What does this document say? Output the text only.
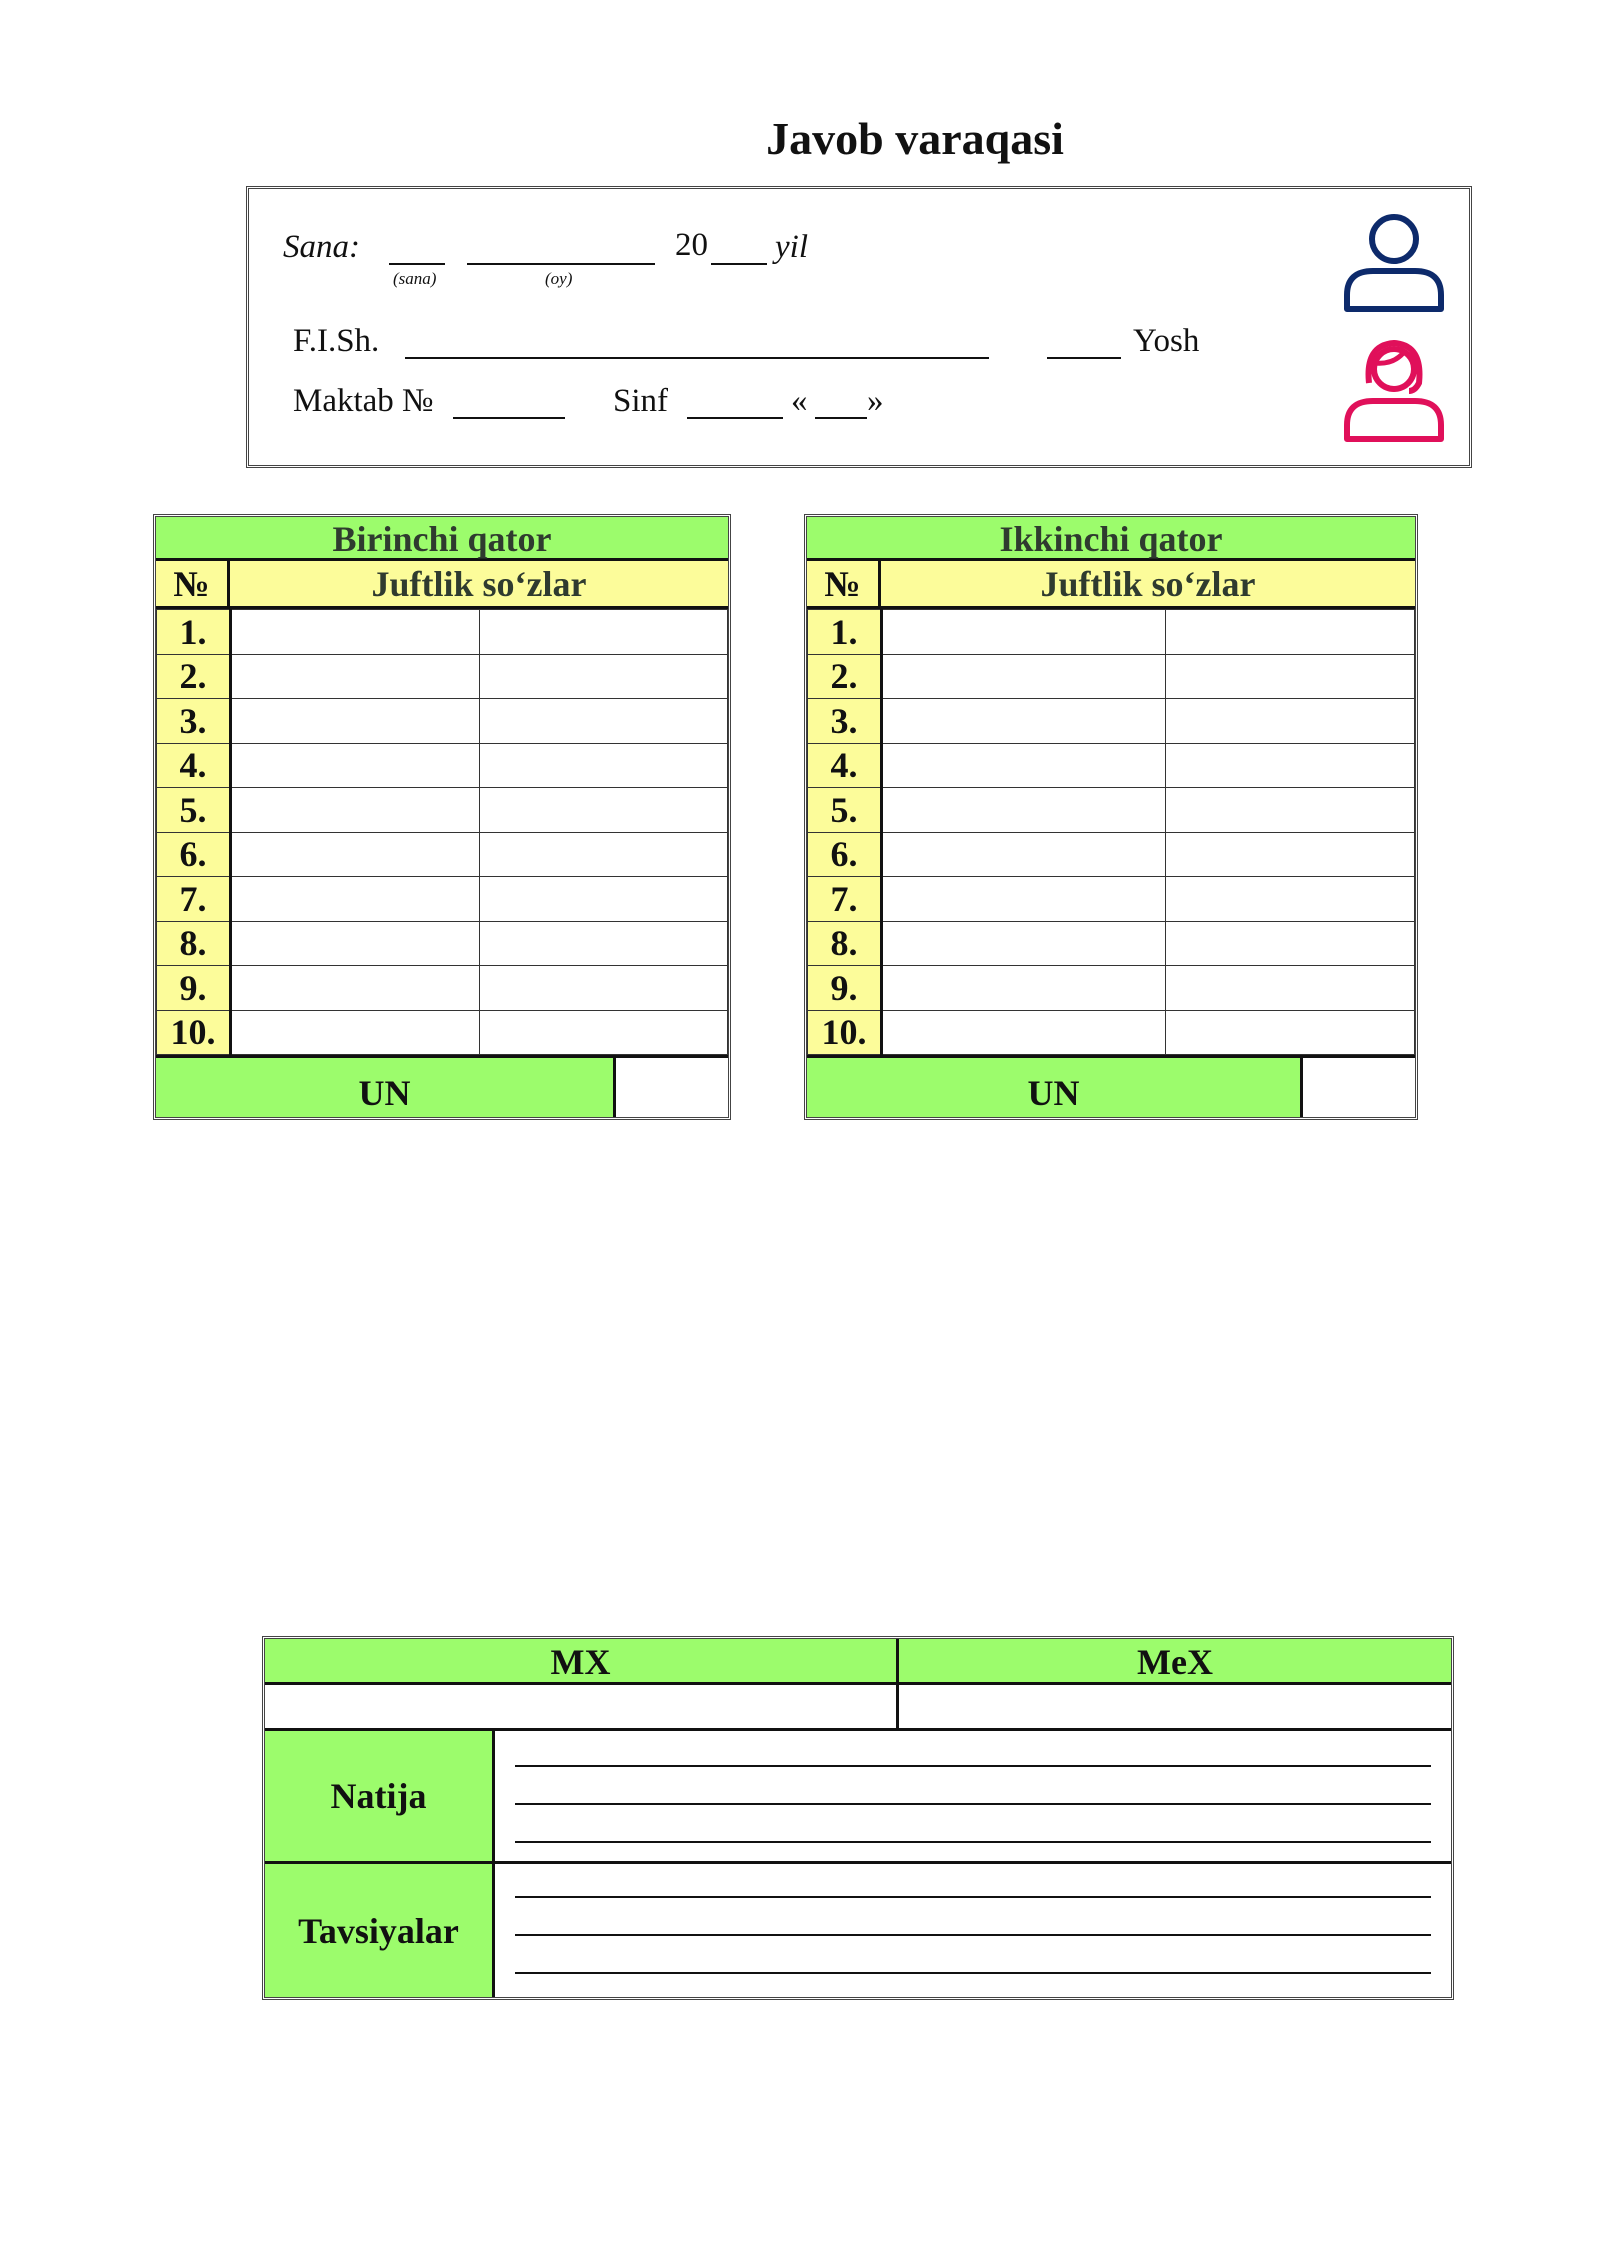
Javob varaqasi
Sana:
(sana)	(oy)
20 yil
F.I.Sh.	Yosh
Maktab №	Sinf	« »
Birinchi qator
№	Juftlik so‘zlar
1.		
2.		
3.		
4.		
5.		
6.		
7.		
8.		
9.		
10.		
UN
Ikkinchi qator
№	Juftlik so‘zlar
1.		
2.		
3.		
4.		
5.		
6.		
7.		
8.		
9.		
10.		
UN
MX	MeX
Natija
Tavsiyalar
